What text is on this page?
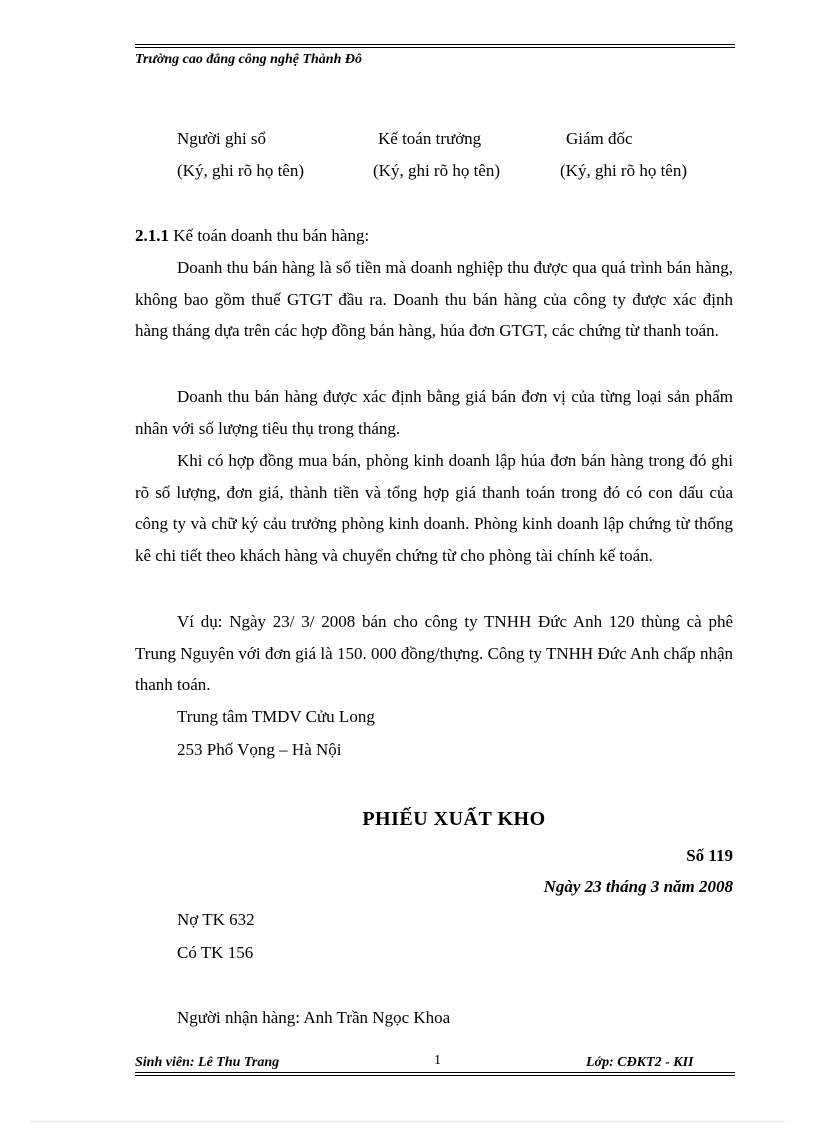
Trường cao đẳng công nghệ Thành Đô
Người ghi sổ	Kế toán trưởng	Giám đốc
(Ký, ghi rõ họ tên)	(Ký, ghi rõ họ tên)	(Ký, ghi rõ họ tên)
2.1.1 Kế toán doanh thu bán hàng:

Doanh thu bán hàng là số tiền mà doanh nghiệp thu được qua quá trình bán hàng, không bao gồm thuế GTGT đầu ra. Doanh thu bán hàng của công ty được xác định hàng tháng dựa trên các hợp đồng bán hàng, húa đơn GTGT, các chứng từ thanh toán.

Doanh thu bán hàng được xác định bằng giá bán đơn vị của từng loại sản phẩm nhân với số lượng tiêu thụ trong tháng.

Khi có hợp đồng mua bán, phòng kinh doanh lập húa đơn bán hàng trong đó ghi rõ số lượng, đơn giá, thành tiền và tổng hợp giá thanh toán trong đó có con dấu của công ty và chữ ký cảu trưởng phòng kinh doanh. Phòng kinh doanh lập chứng từ thống kê chi tiết theo khách hàng và chuyển chứng từ cho phòng tài chính kế toán.

Ví dụ: Ngày 23/ 3/ 2008 bán cho công ty TNHH Đức Anh 120 thùng cà phê Trung Nguyên với đơn giá là 150. 000 đồng/thựng. Công ty TNHH Đức Anh chấp nhận thanh toán.

Trung tâm TMDV Cửu Long
253 Phố Vọng – Hà Nội
PHIẾU XUẤT KHO
Số 119
Ngày 23 tháng 3 năm 2008
Nợ TK 632
Có TK 156
Người nhận hàng: Anh Trần Ngọc Khoa
Sinh viên: Lê Thu Trang	1	Lớp: CĐKT2 - KII
